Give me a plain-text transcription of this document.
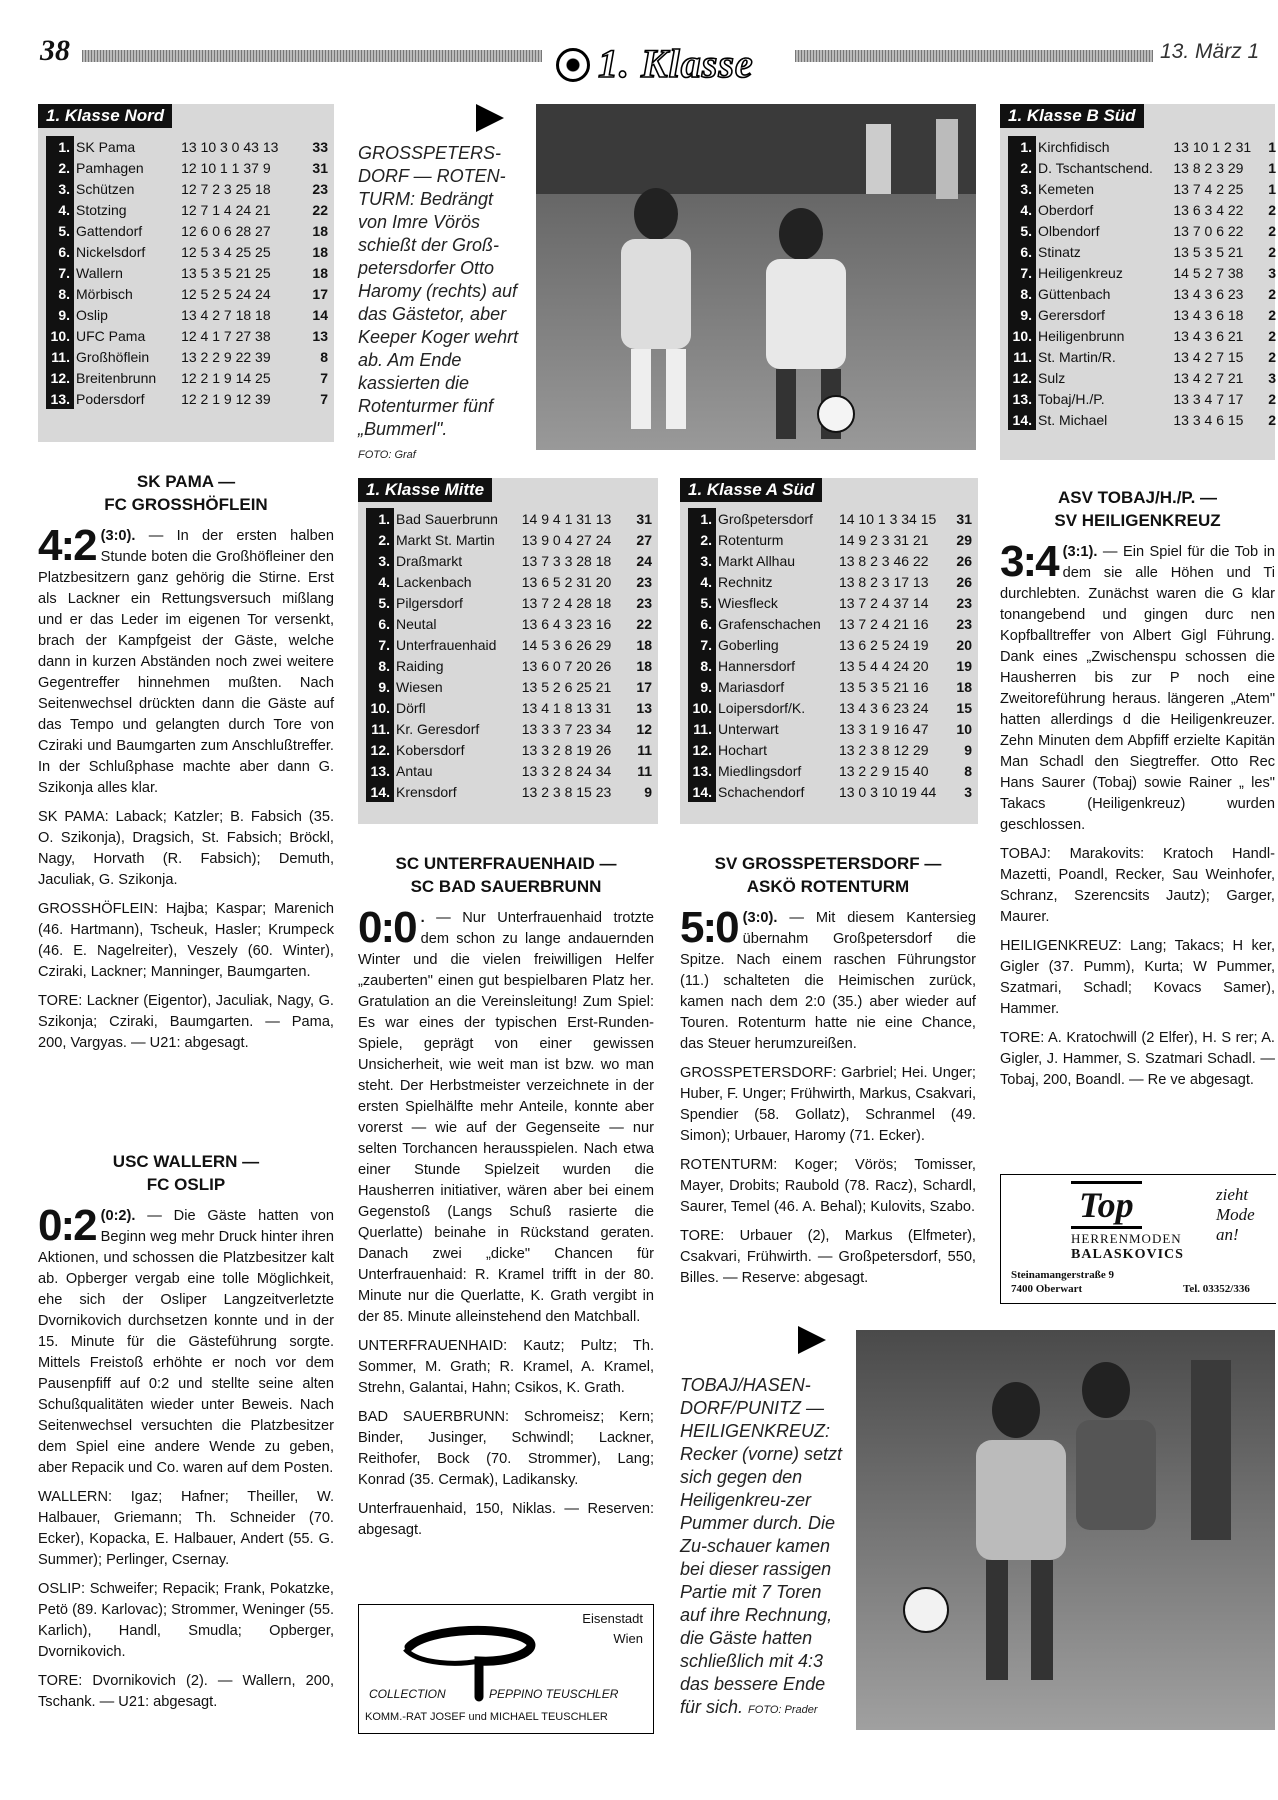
38	1. Klasse	13. März 1
1. Klasse Nord
1.	SK Pama	13 10 3 0 43 13	33
2.	Pamhagen	12 10 1 1 37 9	31
3.	Schützen	12 7 2 3 25 18	23
4.	Stotzing	12 7 1 4 24 21	22
5.	Gattendorf	12 6 0 6 28 27	18
6.	Nickelsdorf	12 5 3 4 25 25	18
7.	Wallern	13 5 3 5 21 25	18
8.	Mörbisch	12 5 2 5 24 24	17
9.	Oslip	13 4 2 7 18 18	14
10.	UFC Pama	12 4 1 7 27 38	13
11.	Großhöflein	13 2 2 9 22 39	8
12.	Breitenbrunn	12 2 1 9 14 25	7
13.	Podersdorf	12 2 1 9 12 39	7
GROSSPETERS-DORF — ROTEN-TURM: Bedrängt von Imre Vörös schießt der Groß-petersdorfer Otto Haromy (rechts) auf das Gästetor, aber Keeper Koger wehrt ab. Am Ende kassierten die Rotenturmer fünf „Bummerl".
FOTO: Graf
1. Klasse B Süd
1.	Kirchfidisch	13 10 1 2 31	1
2.	D. Tschantschend.	13 8 2 3 29	1
3.	Kemeten	13 7 4 2 25	1
4.	Oberdorf	13 6 3 4 22	2
5.	Olbendorf	13 7 0 6 22	2
6.	Stinatz	13 5 3 5 21	2
7.	Heiligenkreuz	14 5 2 7 38	3
8.	Güttenbach	13 4 3 6 23	2
9.	Gerersdorf	13 4 3 6 18	2
10.	Heiligenbrunn	13 4 3 6 21	2
11.	St. Martin/R.	13 4 2 7 15	2
12.	Sulz	13 4 2 7 21	3
13.	Tobaj/H./P.	13 3 4 7 17	2
14.	St. Michael	13 3 4 6 15	2
1. Klasse Mitte
1.	Bad Sauerbrunn	14 9 4 1 31 13	31
2.	Markt St. Martin	13 9 0 4 27 24	27
3.	Draßmarkt	13 7 3 3 28 18	24
4.	Lackenbach	13 6 5 2 31 20	23
5.	Pilgersdorf	13 7 2 4 28 18	23
6.	Neutal	13 6 4 3 23 16	22
7.	Unterfrauenhaid	14 5 3 6 26 29	18
8.	Raiding	13 6 0 7 20 26	18
9.	Wiesen	13 5 2 6 25 21	17
10.	Dörfl	13 4 1 8 13 31	13
11.	Kr. Geresdorf	13 3 3 7 23 34	12
12.	Kobersdorf	13 3 2 8 19 26	11
13.	Antau	13 3 2 8 24 34	11
14.	Krensdorf	13 2 3 8 15 23	9
1. Klasse A Süd
1.	Großpetersdorf	14 10 1 3 34 15	31
2.	Rotenturm	14 9 2 3 31 21	29
3.	Markt Allhau	13 8 2 3 46 22	26
4.	Rechnitz	13 8 2 3 17 13	26
5.	Wiesfleck	13 7 2 4 37 14	23
6.	Grafenschachen	13 7 2 4 21 16	23
7.	Goberling	13 6 2 5 24 19	20
8.	Hannersdorf	13 5 4 4 24 20	19
9.	Mariasdorf	13 5 3 5 21 16	18
10.	Loipersdorf/K.	13 4 3 6 23 24	15
11.	Unterwart	13 3 1 9 16 47	10
12.	Hochart	13 2 3 8 12 29	9
13.	Miedlingsdorf	13 2 2 9 15 40	8
14.	Schachendorf	13 0 3 10 19 44	3
SK PAMA —
FC GROSSHÖFLEIN

4:2 (3:0). — In der ersten halben Stunde boten die Großhöfleiner den Platzbesitzern ganz gehörig die Stirne. Erst als Lackner ein Rettungsversuch mißlang und er das Leder im eigenen Tor versenkt, brach der Kampfgeist der Gäste, welche dann in kurzen Abständen noch zwei weitere Gegentreffer hinnehmen mußten. Nach Seitenwechsel drückten dann die Gäste auf das Tempo und gelangten durch Tore von Cziraki und Baumgarten zum Anschlußtreffer. In der Schlußphase machte aber dann G. Szikonja alles klar.

SK PAMA: Laback; Katzler; B. Fabsich (35. O. Szikonja), Dragsich, St. Fabsich; Bröckl, Nagy, Horvath (R. Fabsich); Demuth, Jaculiak, G. Szikonja.

GROSSHÖFLEIN: Hajba; Kaspar; Marenich (46. Hartmann), Tscheuk, Hasler; Krumpeck (46. E. Nagelreiter), Veszely (60. Winter), Cziraki, Lackner; Manninger, Baumgarten.

TORE: Lackner (Eigentor), Jaculiak, Nagy, G. Szikonja; Cziraki, Baumgarten. — Pama, 200, Vargyas. — U21: abgesagt.

USC WALLERN —
FC OSLIP

0:2 (0:2). — Die Gäste hatten von Beginn weg mehr Druck hinter ihren Aktionen, und schossen die Platzbesitzer kalt ab. Opberger vergab eine tolle Möglichkeit, ehe sich der Osliper Langzeitverletzte Dvornikovich durchsetzen konnte und in der 15. Minute für die Gästeführung sorgte. Mittels Freistoß erhöhte er noch vor dem Pausenpfiff auf 0:2 und stellte seine alten Schußqualitäten wieder unter Beweis. Nach Seitenwechsel versuchten die Platzbesitzer dem Spiel eine andere Wende zu geben, aber Repacik und Co. waren auf dem Posten.

WALLERN: Igaz; Hafner; Theiller, W. Halbauer, Griemann; Th. Schneider (70. Ecker), Kopacka, E. Halbauer, Andert (55. G. Summer); Perlinger, Csernay.

OSLIP: Schweifer; Repacik; Frank, Pokatzke, Petö (89. Karlovac); Strommer, Weninger (55. Karlich), Handl, Smudla; Opberger, Dvornikovich.

TORE: Dvornikovich (2). — Wallern, 200, Tschank. — U21: abgesagt.

SC UNTERFRAUENHAID —
SC BAD SAUERBRUNN

0:0 . — Nur Unterfrauenhaid trotzte dem schon zu lange andauernden Winter und die vielen freiwilligen Helfer „zauberten" einen gut bespielbaren Platz her. Gratulation an die Vereinsleitung! Zum Spiel: Es war eines der typischen Erst-Runden-Spiele, geprägt von einer gewissen Unsicherheit, wie weit man ist bzw. wo man steht. Der Herbstmeister verzeichnete in der ersten Spielhälfte mehr Anteile, konnte aber vorerst — wie auf der Gegenseite — nur selten Torchancen herausspielen. Nach etwa einer Stunde Spielzeit wurden die Hausherren initiativer, wären aber bei einem Gegenstoß (Langs Schuß rasierte die Querlatte) beinahe in Rückstand geraten. Danach zwei „dicke" Chancen für Unterfrauenhaid: R. Kramel trifft in der 80. Minute nur die Querlatte, K. Grath vergibt in der 85. Minute alleinstehend den Matchball.

UNTERFRAUENHAID: Kautz; Pultz; Th. Sommer, M. Grath; R. Kramel, A. Kramel, Strehn, Galantai, Hahn; Csikos, K. Grath.

BAD SAUERBRUNN: Schromeisz; Kern; Binder, Jusinger, Schwindl; Lackner, Reithofer, Bock (70. Strommer), Lang; Konrad (35. Cermak), Ladikansky.

Unterfrauenhaid, 150, Niklas. — Reserven: abgesagt.

Eisenstadt
Wien
COLLECTION	PEPPINO TEUSCHLER
KOMM.-RAT JOSEF und MICHAEL TEUSCHLER
SV GROSSPETERSDORF —
ASKÖ ROTENTURM

5:0 (3:0). — Mit diesem Kantersieg übernahm Großpetersdorf die Spitze. Nach einem raschen Führungstor (11.) schalteten die Heimischen zurück, kamen nach dem 2:0 (35.) aber wieder auf Touren. Rotenturm hatte nie eine Chance, das Steuer herumzureißen.

GROSSPETERSDORF: Garbriel; Hei. Unger; Huber, F. Unger; Frühwirth, Markus, Csakvari, Spendier (58. Gollatz), Schranmel (49. Simon); Urbauer, Haromy (71. Ecker).

ROTENTURM: Koger; Vörös; Tomisser, Mayer, Drobits; Raubold (78. Racz), Schardl, Saurer, Temel (46. A. Behal); Kulovits, Szabo.

TORE: Urbauer (2), Markus (Elfmeter), Csakvari, Frühwirth. — Großpetersdorf, 550, Billes. — Reserve: abgesagt.

ASV TOBAJ/H./P. —
SV HEILIGENKREUZ

3:4 (3:1). — Ein Spiel für die Tob in dem sie alle Höhen und Ti durchlebten. Zunächst waren die G klar tonangebend und gingen durc nen Kopfballtreffer von Albert Gigl Führung. Dank eines „Zwischenspu schossen die Hausherren bis zur P noch eine Zweitoreführung heraus. längeren „Atem" hatten allerdings d die Heiligenkreuzer. Zehn Minuten dem Abpfiff erzielte Kapitän Man Schadl den Siegtreffer. Otto Rec Hans Saurer (Tobaj) sowie Rainer „ les" Takacs (Heiligenkreuz) wurden geschlossen.

TOBAJ: Marakovits: Kratoch Handl-Mazetti, Poandl, Recker, Sau Weinhofer, Schranz, Szerencsits Jautz); Garger, Maurer.

HEILIGENKREUZ: Lang; Takacs; H ker, Gigler (37. Pumm), Kurta; W Pummer, Szatmari, Schadl; Kovacs Samer), Hammer.

TORE: A. Kratochwill (2 Elfer), H. S rer; A. Gigler, J. Hammer, S. Szatmari Schadl. — Tobaj, 200, Boandl. — Re ve abgesagt.

Top
HERRENMODEN
BALASKOVICS
zieht Mode an!
Steinamangerstraße 9
7400 Oberwart	Tel. 03352/336
TOBAJ/HASEN-DORF/PUNITZ — HEILIGENKREUZ: Recker (vorne) setzt sich gegen den Heiligenkreu-zer Pummer durch. Die Zu-schauer kamen bei dieser rassigen Partie mit 7 Toren auf ihre Rechnung, die Gäste hatten schließlich mit 4:3 das bessere Ende für sich. FOTO: Prader
